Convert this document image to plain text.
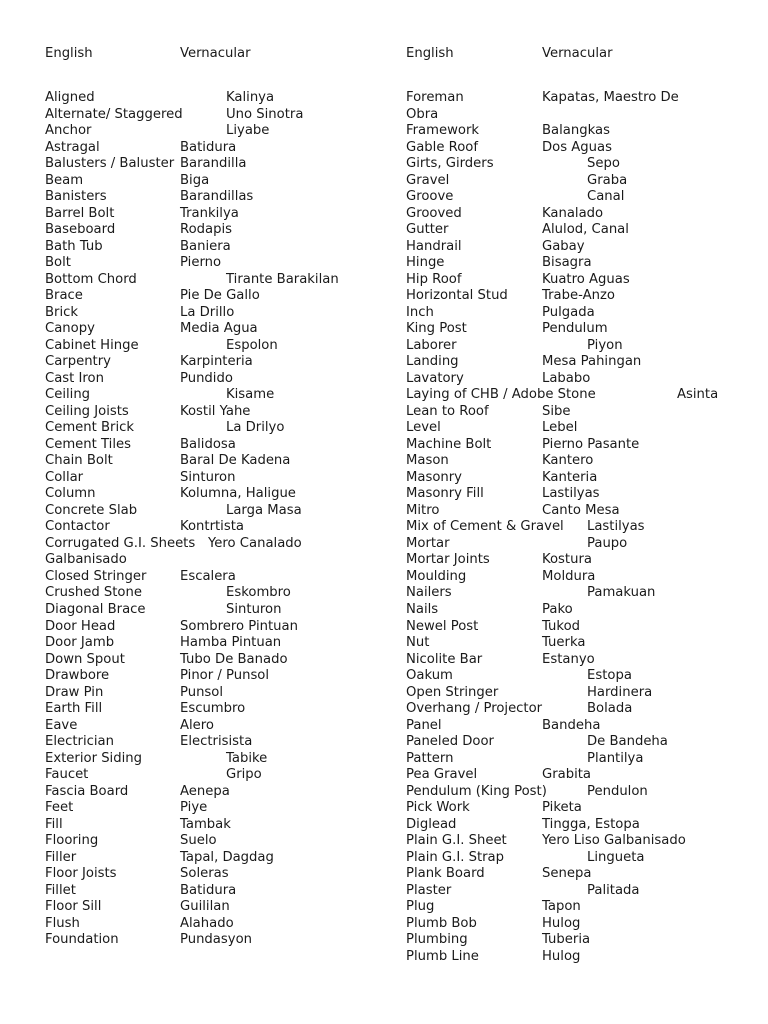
English	Vernacular
Aligned	Kalinya
Alternate/ Staggered	Uno Sinotra
Anchor	Liyabe
Astragal	Batidura
Balusters / Baluster Barandilla
Beam	Biga
Banisters	Barandillas
Barrel Bolt	Trankilya
Baseboard	Rodapis
Bath Tub	Baniera
Bolt	Pierno
Bottom Chord	Tirante Barakilan
Brace	Pie De Gallo
Brick	La Drillo
Canopy	Media Agua
Cabinet Hinge	Espolon
Carpentry	Karpinteria
Cast Iron	Pundido
Ceiling	Kisame
Ceiling Joists	Kostil Yahe
Cement Brick	La Drilyo
Cement Tiles	Balidosa
Chain Bolt	Baral De Kadena
Collar	Sinturon
Column	Kolumna, Haligue
Concrete Slab	Larga Masa
Contactor	Kontrtista
Corrugated G.I. Sheets Yero Canalado
Galbanisado
Closed Stringer	Escalera
Crushed Stone	Eskombro
Diagonal Brace	Sinturon
Door Head	Sombrero Pintuan
Door Jamb	Hamba Pintuan
Down Spout	Tubo De Banado
Drawbore	Pinor / Punsol
Draw Pin	Punsol
Earth Fill	Escumbro
Eave	Alero
Electrician	Electrisista
Exterior Siding	Tabike
Faucet	Gripo
Fascia Board	Aenepa
Feet	Piye
Fill	Tambak
Flooring	Suelo
Filler	Tapal, Dagdag
Floor Joists	Soleras
Fillet	Batidura
Floor Sill	Guililan
Flush	Alahado
Foundation	Pundasyon
English	Vernacular
Foreman	Kapatas, Maestro De
Obra
Framework	Balangkas
Gable Roof	Dos Aguas
Girts, Girders	Sepo
Gravel	Graba
Groove	Canal
Grooved	Kanalado
Gutter	Alulod, Canal
Handrail	Gabay
Hinge	Bisagra
Hip Roof	Kuatro Aguas
Horizontal Stud	Trabe-Anzo
Inch	Pulgada
King Post	Pendulum
Laborer	Piyon
Landing	Mesa Pahingan
Lavatory	Lababo
Laying of CHB / Adobe Stone	Asinta
Lean to Roof	Sibe
Level	Lebel
Machine Bolt	Pierno Pasante
Mason	Kantero
Masonry	Kanteria
Masonry Fill	Lastilyas
Mitro	Canto Mesa
Mix of Cement & Gravel Lastilyas
Mortar	Paupo
Mortar Joints	Kostura
Moulding	Moldura
Nailers	Pamakuan
Nails	Pako
Newel Post	Tukod
Nut	Tuerka
Nicolite Bar	Estanyo
Oakum	Estopa
Open Stringer	Hardinera
Overhang / Projector	Bolada
Panel	Bandeha
Paneled Door	De Bandeha
Pattern	Plantilya
Pea Gravel	Grabita
Pendulum (King Post)	Pendulon
Pick Work	Piketa
Diglead	Tingga, Estopa
Plain G.I. Sheet	Yero Liso Galbanisado
Plain G.I. Strap	Lingueta
Plank Board	Senepa
Plaster	Palitada
Plug	Tapon
Plumb Bob	Hulog
Plumbing	Tuberia
Plumb Line	Hulog
